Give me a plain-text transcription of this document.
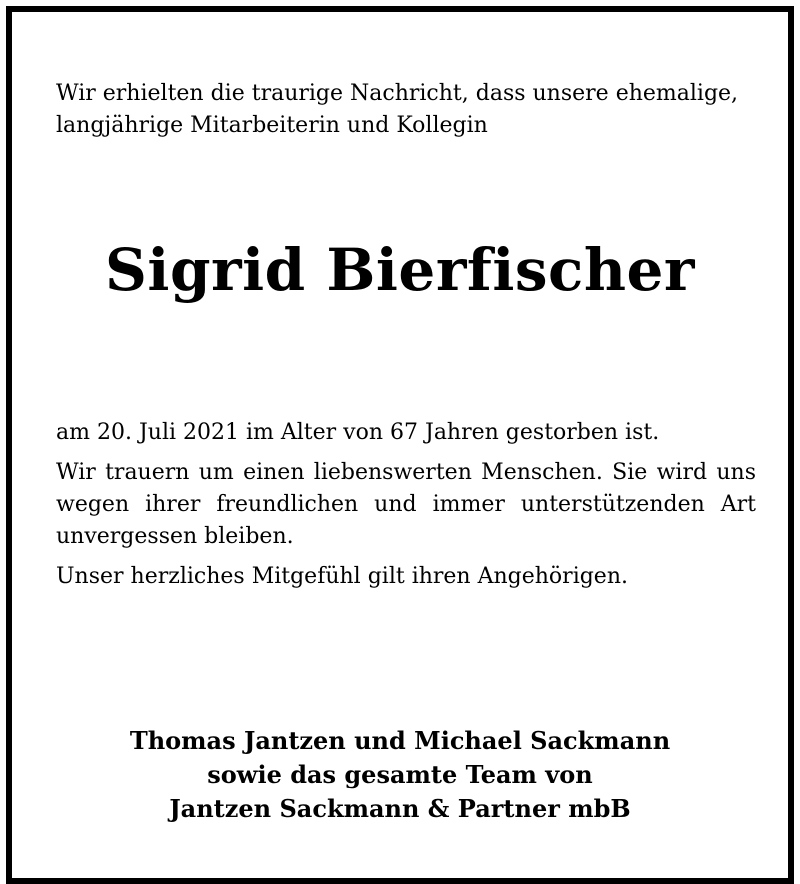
Wir erhielten die traurige Nachricht, dass unsere ehemalige,
langjährige Mitarbeiterin und Kollegin
Sigrid Bierfischer

am 20. Juli 2021 im Alter von 67 Jahren gestorben ist.

Wir trauern um einen liebenswerten Menschen. Sie wird uns wegen ihrer freundlichen und immer unterstützenden Art unvergessen bleiben.

Unser herzliches Mitgefühl gilt ihren Angehörigen.

Thomas Jantzen und Michael Sackmann
sowie das gesamte Team von
Jantzen Sackmann & Partner mbB
